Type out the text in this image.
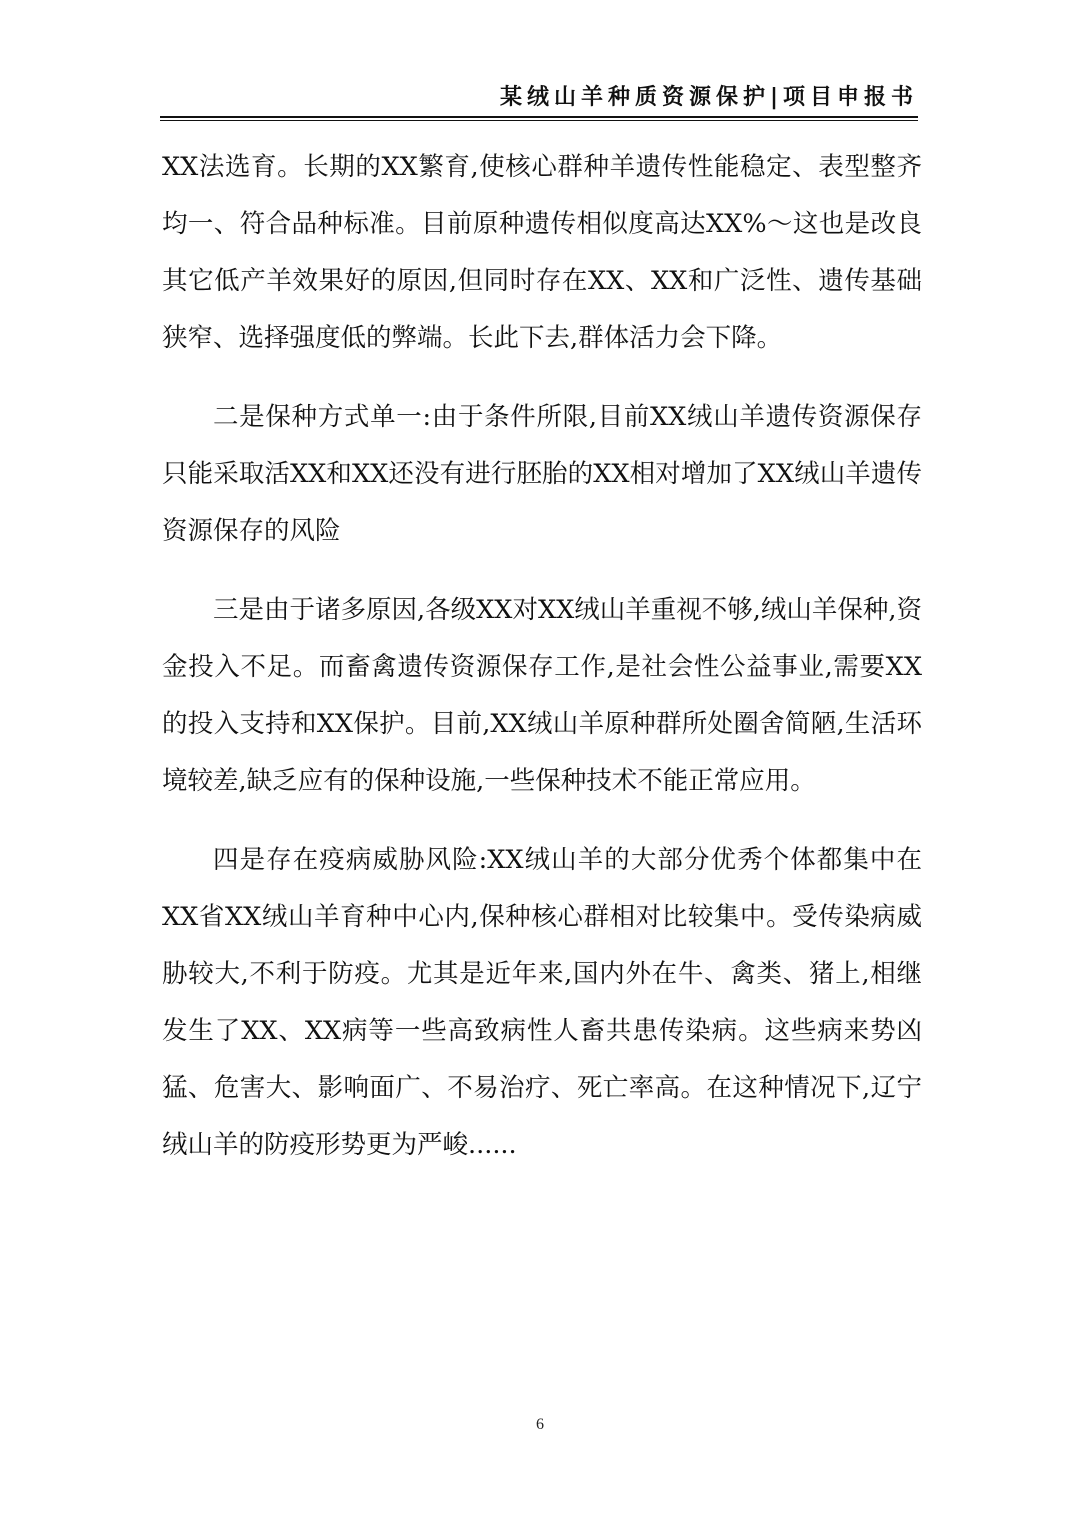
某绒山羊种质资源保护|项目申报书

XX法选育。长期的XX繁育,使核心群种羊遗传性能稳定、表型整齐均一、符合品种标准。目前原种遗传相似度高达XX%～这也是改良其它低产羊效果好的原因,但同时存在XX、XX和广泛性、遗传基础狭窄、选择强度低的弊端。长此下去,群体活力会下降。

二是保种方式单一:由于条件所限,目前XX绒山羊遗传资源保存只能采取活XX和XX还没有进行胚胎的XX相对增加了XX绒山羊遗传资源保存的风险

三是由于诸多原因,各级XX对XX绒山羊重视不够,绒山羊保种,资金投入不足。而畜禽遗传资源保存工作,是社会性公益事业,需要XX的投入支持和XX保护。目前,XX绒山羊原种群所处圈舍简陋,生活环境较差,缺乏应有的保种设施,一些保种技术不能正常应用。

四是存在疫病威胁风险:XX绒山羊的大部分优秀个体都集中在XX省XX绒山羊育种中心内,保种核心群相对比较集中。受传染病威胁较大,不利于防疫。尤其是近年来,国内外在牛、禽类、猪上,相继发生了XX、XX病等一些高致病性人畜共患传染病。这些病来势凶猛、危害大、影响面广、不易治疗、死亡率高。在这种情况下,辽宁绒山羊的防疫形势更为严峻......

6
